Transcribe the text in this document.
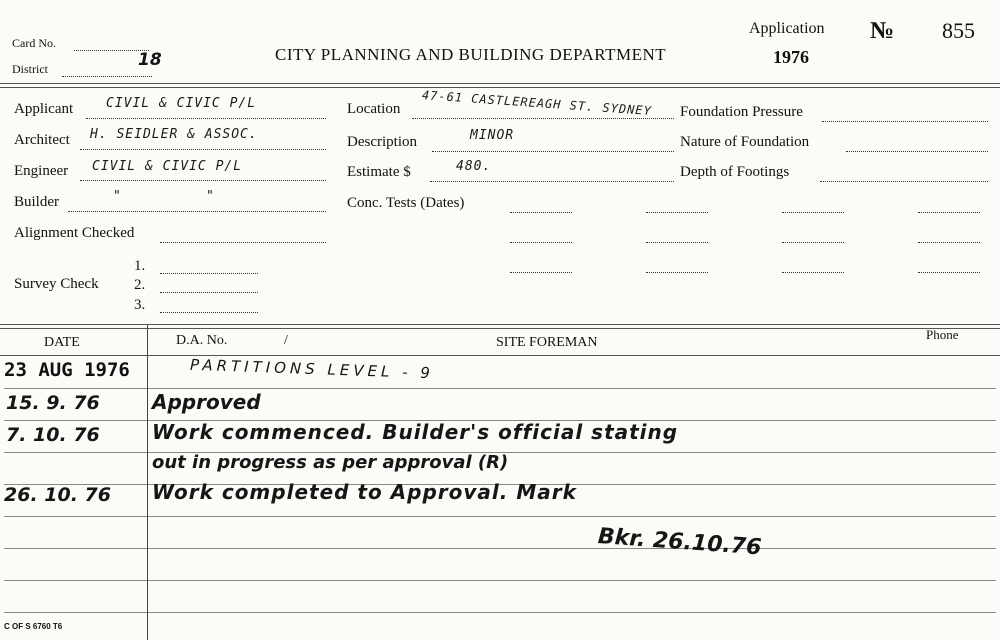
Card No.
District	18	CITY PLANNING AND BUILDING DEPARTMENT
Application
1976
№ 855
Applicant	CIVIL & CIVIC P/L
Architect H. SEIDLER & ASSOC.
Engineer CIVIL & CIVIC P/L
Builder	"	"
Alignment Checked
Survey Check
1.
2.
3.
Location 47-61 CASTLEREAGH ST. SYDNEY
Description	MINOR
Estimate $	480.
Conc. Tests (Dates)
Foundation Pressure
Nature of Foundation
Depth of Footings
DATE	D.A. No.	/	SITE FOREMAN
Phone
23 AUG 1976	PARTITIONS LEVEL - 9
15. 9. 76	Approved
7. 10. 76	Work commenced. Builder's official stating
out in progress as per approval (R)
26. 10. 76 Work completed to Approval. Mark
Bkr. 26.10.76
C OF S 6760 T6
